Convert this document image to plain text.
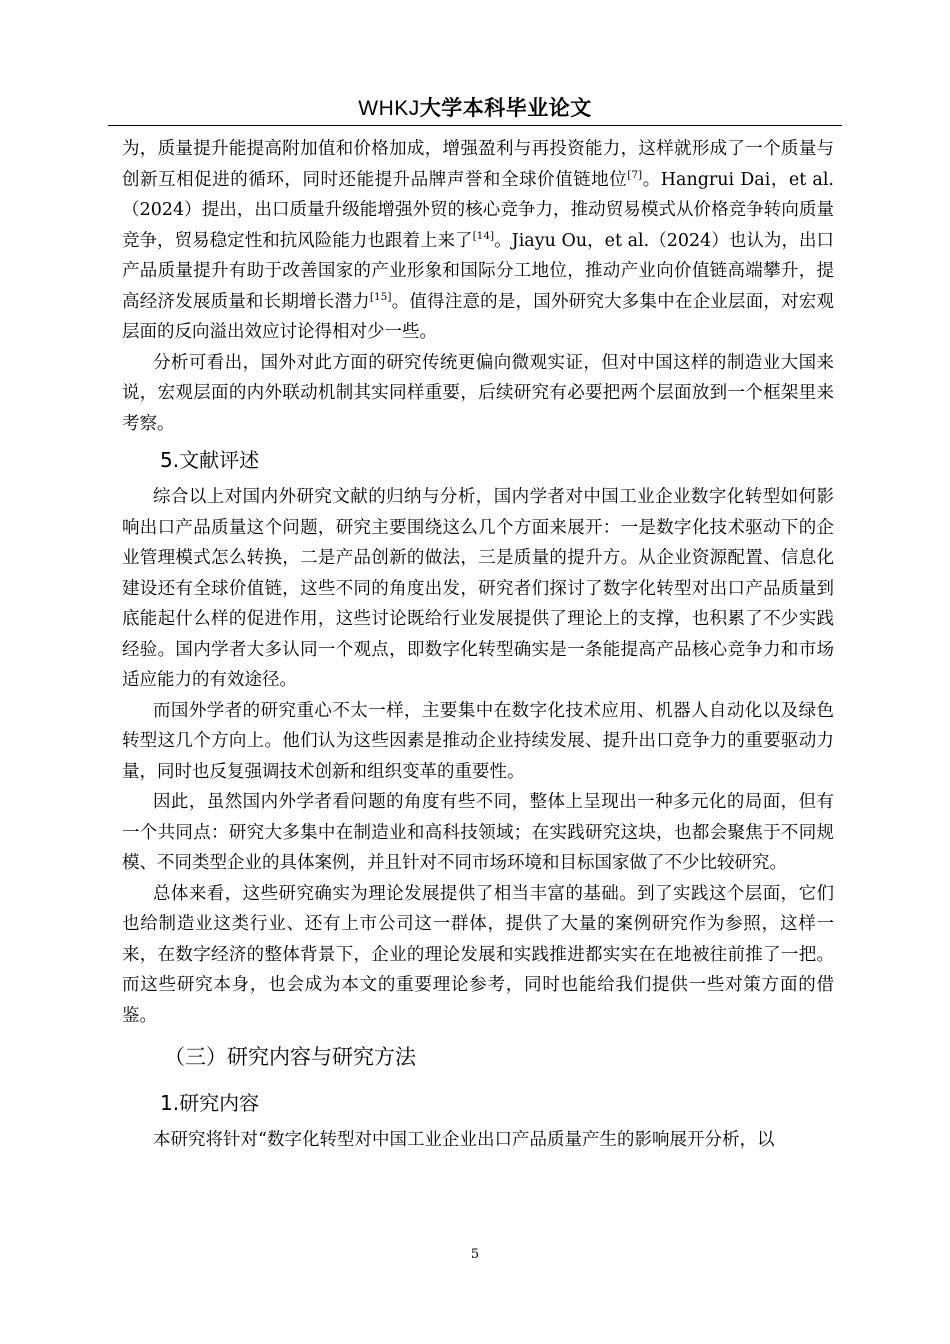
WHKJ大学本科毕业论文

为，质量提升能提高附加值和价格加成，增强盈利与再投资能力，这样就形成了一个质量与创新互相促进的循环，同时还能提升品牌声誉和全球价值链地位[7]。Hangrui Dai，et al.（2024）提出，出口质量升级能增强外贸的核心竞争力，推动贸易模式从价格竞争转向质量竞争，贸易稳定性和抗风险能力也跟着上来了[14]。Jiayu Ou，et al.（2024）也认为，出口产品质量提升有助于改善国家的产业形象和国际分工地位，推动产业向价值链高端攀升，提高经济发展质量和长期增长潜力[15]。值得注意的是，国外研究大多集中在企业层面，对宏观层面的反向溢出效应讨论得相对少一些。

分析可看出，国外对此方面的研究传统更偏向微观实证，但对中国这样的制造业大国来说，宏观层面的内外联动机制其实同样重要，后续研究有必要把两个层面放到一个框架里来考察。

5.文献评述

综合以上对国内外研究文献的归纳与分析，国内学者对中国工业企业数字化转型如何影响出口产品质量这个问题，研究主要围绕这么几个方面来展开：一是数字化技术驱动下的企业管理模式怎么转换，二是产品创新的做法，三是质量的提升方。从企业资源配置、信息化建设还有全球价值链，这些不同的角度出发，研究者们探讨了数字化转型对出口产品质量到底能起什么样的促进作用，这些讨论既给行业发展提供了理论上的支撑，也积累了不少实践经验。国内学者大多认同一个观点，即数字化转型确实是一条能提高产品核心竞争力和市场适应能力的有效途径。

而国外学者的研究重心不太一样，主要集中在数字化技术应用、机器人自动化以及绿色转型这几个方向上。他们认为这些因素是推动企业持续发展、提升出口竞争力的重要驱动力量，同时也反复强调技术创新和组织变革的重要性。

因此，虽然国内外学者看问题的角度有些不同，整体上呈现出一种多元化的局面，但有一个共同点：研究大多集中在制造业和高科技领域；在实践研究这块，也都会聚焦于不同规模、不同类型企业的具体案例，并且针对不同市场环境和目标国家做了不少比较研究。

总体来看，这些研究确实为理论发展提供了相当丰富的基础。到了实践这个层面，它们也给制造业这类行业、还有上市公司这一群体，提供了大量的案例研究作为参照，这样一来，在数字经济的整体背景下，企业的理论发展和实践推进都实实在在地被往前推了一把。而这些研究本身，也会成为本文的重要理论参考，同时也能给我们提供一些对策方面的借鉴。

（三）研究内容与研究方法
1.研究内容

本研究将针对“数字化转型对中国工业企业出口产品质量产生的影响展开分析，以

5
